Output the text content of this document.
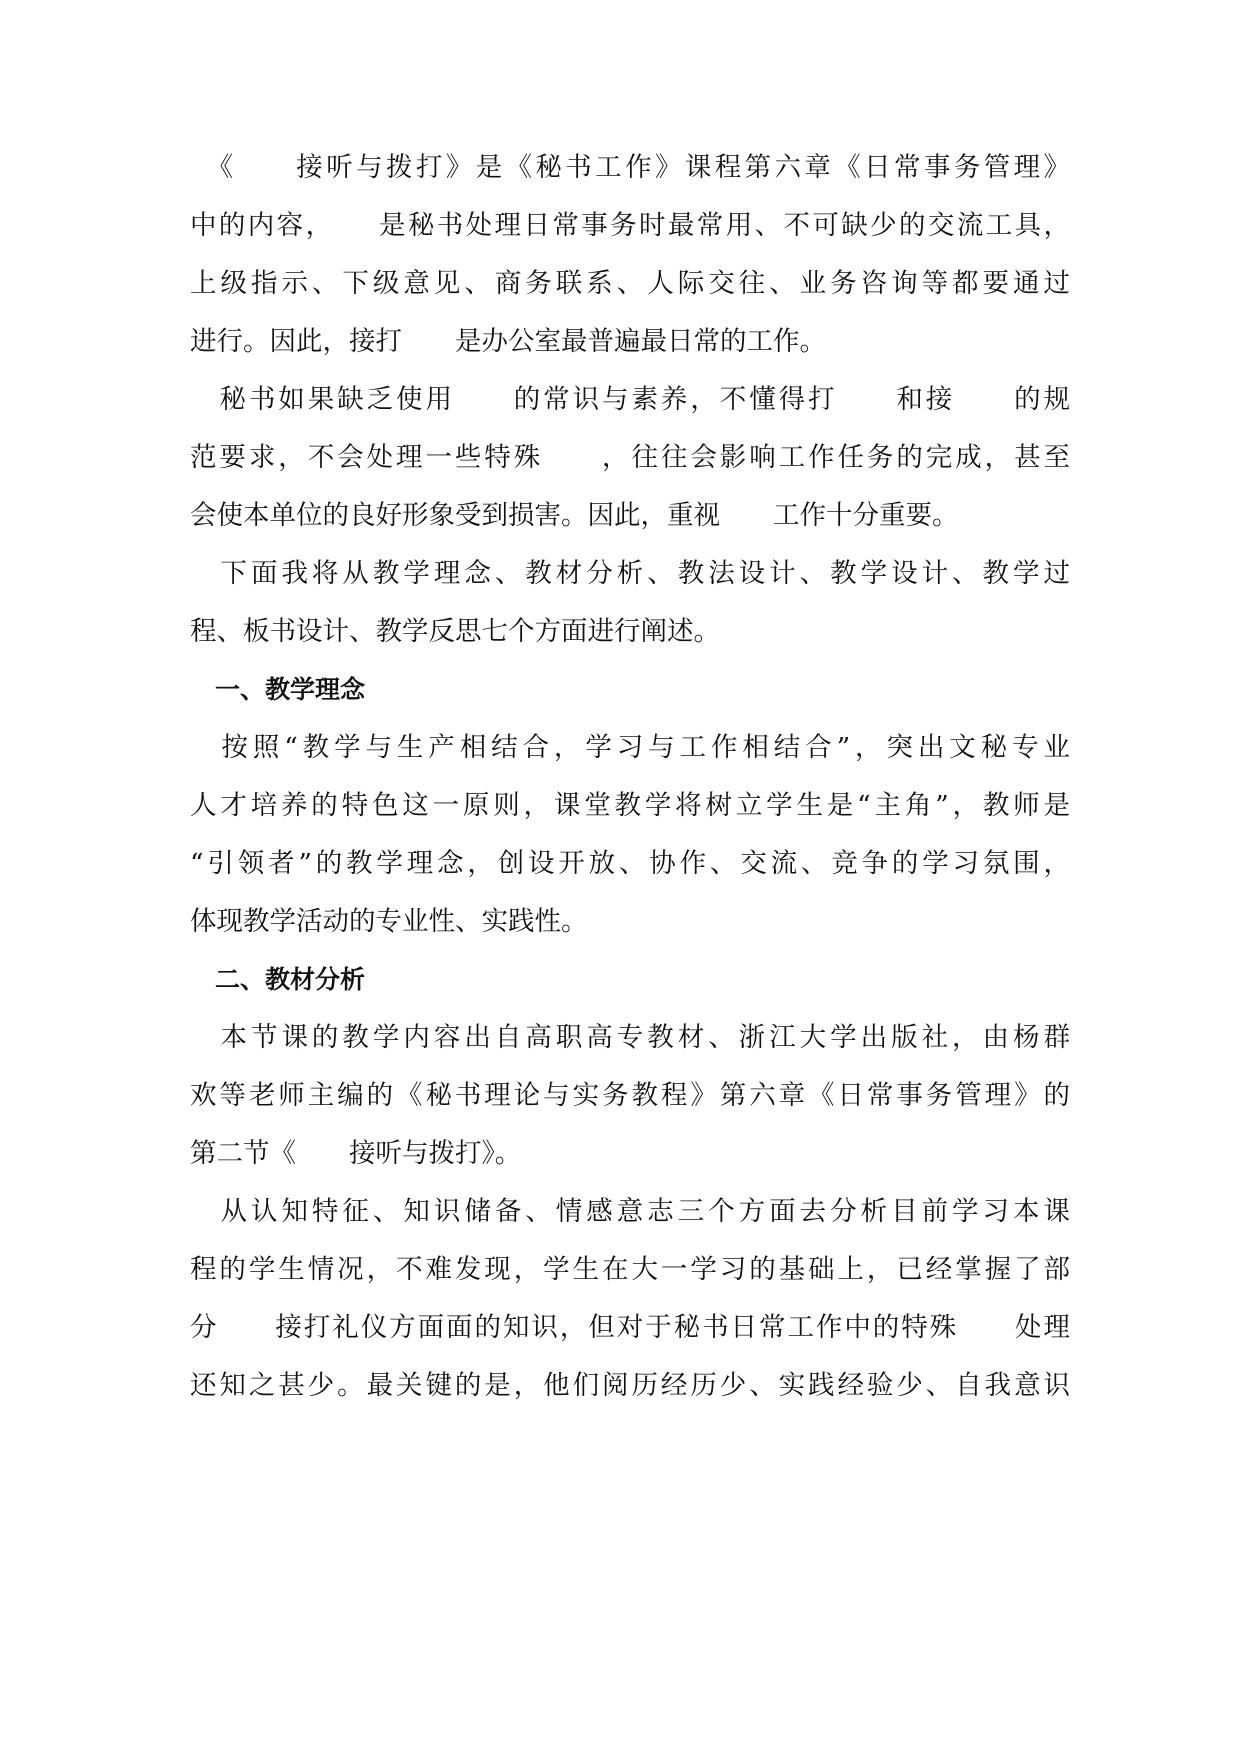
　《　　接听与拨打》是《秘书工作》课程第六章《日常事务管理》
中的内容，　　是秘书处理日常事务时最常用、不可缺少的交流工具，
上级指示、下级意见、商务联系、人际交往、业务咨询等都要通过
进行。因此，接打　　是办公室最普遍最日常的工作。
　秘书如果缺乏使用　　的常识与素养，不懂得打　　和接　　的规
范要求，不会处理一些特殊　　，往往会影响工作任务的完成，甚至
会使本单位的良好形象受到损害。因此，重视　　工作十分重要。
　下面我将从教学理念、教材分析、教法设计、教学设计、教学过
程、板书设计、教学反思七个方面进行阐述。
　一、教学理念
　按照“教学与生产相结合，学习与工作相结合”，突出文秘专业
人才培养的特色这一原则，课堂教学将树立学生是“主角”，教师是
“引领者”的教学理念，创设开放、协作、交流、竞争的学习氛围，
体现教学活动的专业性、实践性。
　二、教材分析
　本节课的教学内容出自高职高专教材、浙江大学出版社，由杨群
欢等老师主编的《秘书理论与实务教程》第六章《日常事务管理》的
第二节《　　接听与拨打》。
　从认知特征、知识储备、情感意志三个方面去分析目前学习本课
程的学生情况，不难发现，学生在大一学习的基础上，已经掌握了部
分　　接打礼仪方面面的知识，但对于秘书日常工作中的特殊　　处理
还知之甚少。最关键的是，他们阅历经历少、实践经验少、自我意识
